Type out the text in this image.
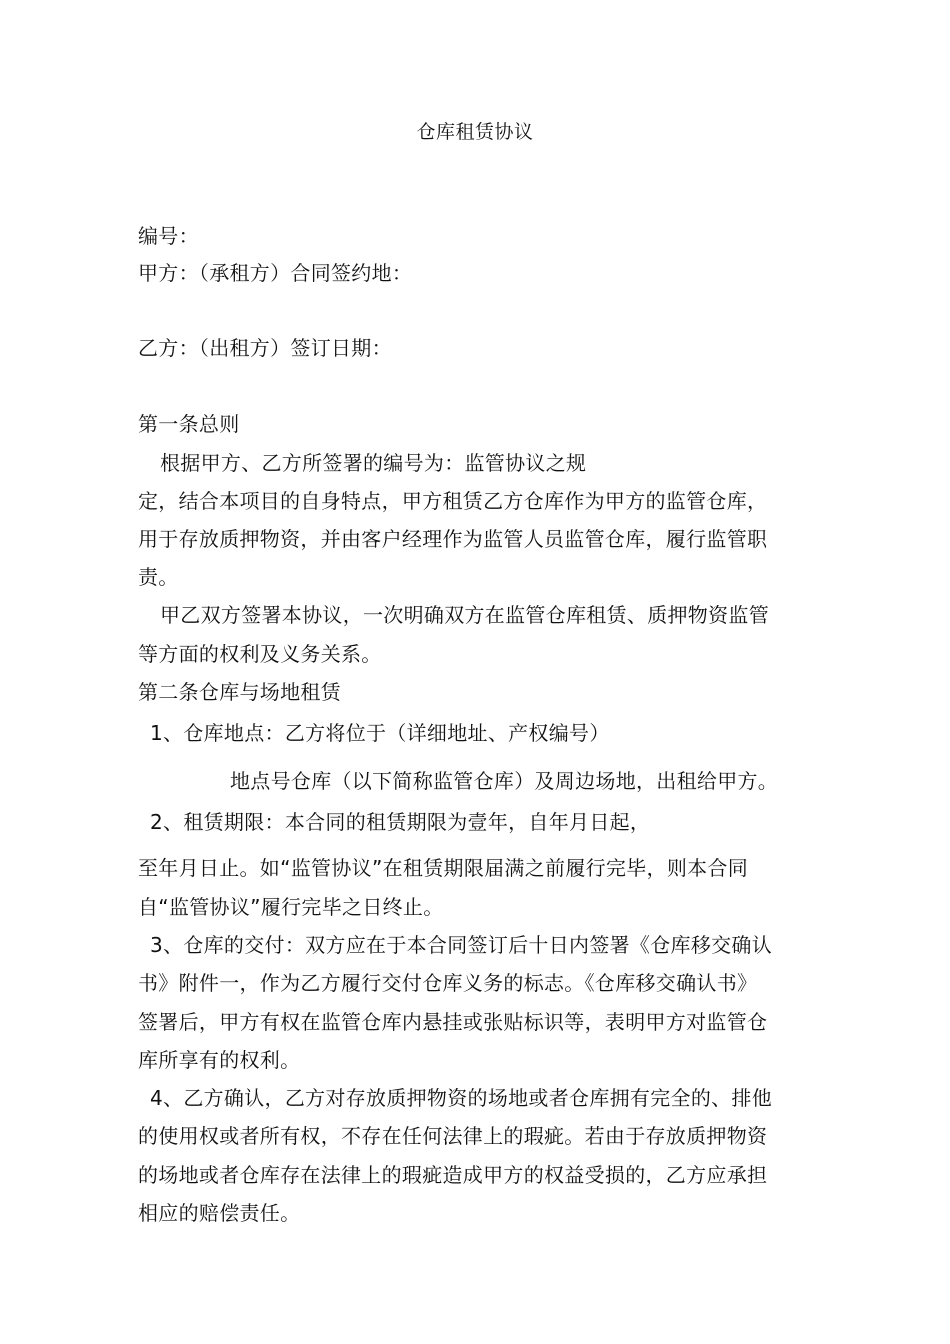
仓库租赁协议
编号：
甲方：（承租方）合同签约地：
乙方：（出租方）签订日期：
第一条总则
根据甲方、乙方所签署的编号为：监管协议之规
定，结合本项目的自身特点，甲方租赁乙方仓库作为甲方的监管仓库，
用于存放质押物资，并由客户经理作为监管人员监管仓库，履行监管职
责。
甲乙双方签署本协议，一次明确双方在监管仓库租赁、质押物资监管
等方面的权利及义务关系。
第二条仓库与场地租赁
1、仓库地点：乙方将位于（详细地址、产权编号）
地点号仓库（以下简称监管仓库）及周边场地，出租给甲方。
2、租赁期限：本合同的租赁期限为壹年，自年月日起，
至年月日止。如“监管协议”在租赁期限届满之前履行完毕，则本合同
自“监管协议”履行完毕之日终止。
3、仓库的交付：双方应在于本合同签订后十日内签署《仓库移交确认
书》附件一，作为乙方履行交付仓库义务的标志。《仓库移交确认书》
签署后，甲方有权在监管仓库内悬挂或张贴标识等，表明甲方对监管仓
库所享有的权利。
4、乙方确认，乙方对存放质押物资的场地或者仓库拥有完全的、排他
的使用权或者所有权，不存在任何法律上的瑕疵。若由于存放质押物资
的场地或者仓库存在法律上的瑕疵造成甲方的权益受损的，乙方应承担
相应的赔偿责任。
